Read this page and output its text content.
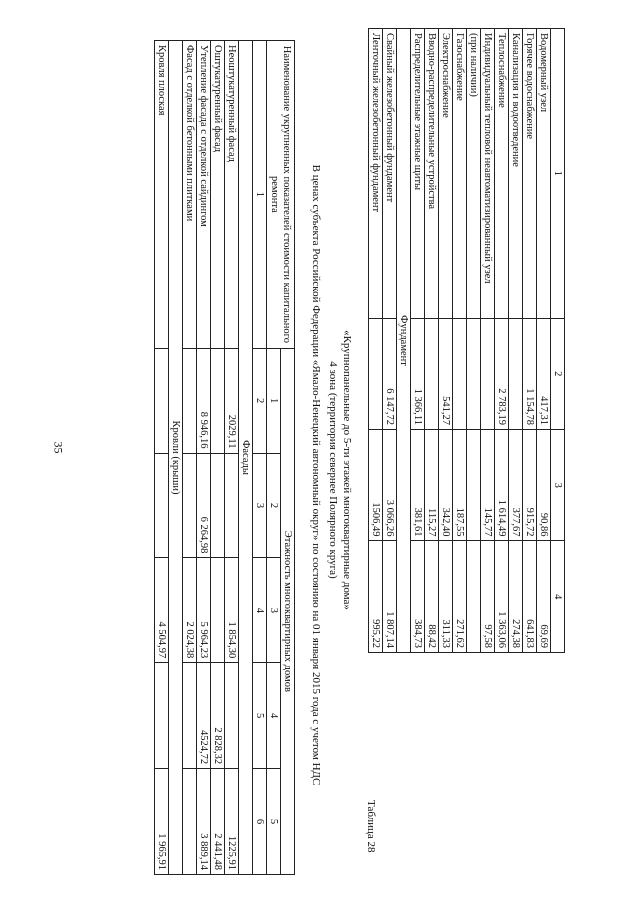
35
1	2	3	4
Водомерный узел	417,31	90,86	69,69
Горячее водоснабжение	1 154,78	915,72	641,83
Канализация и водоотведение		377,67	274,38
Теплоснабжение	2 783,19	1 614,49	1 363,06
Индивидуальный тепловой неавтоматизированный узел		145,77	97,58
(при наличии)			
Газоснабжение		187,55	271,62
Электроснабжение	541,27	342,40	311,33
Вводно-распределительные устройства		115,27	88,42
Распределительные этажные щиты	1 366,11	381,61	384,73
Фундамент			
Свайный железобетонный фундамент	6 147,72	3 066,26	1 807,14
Ленточный железобетонный фундамент		1506,49	995,22
Таблица 28
«Крупнопанельные до 5-ти этажей многоквартирные дома»
4 зона (территория севернее Полярного круга)
В ценах субъекта Российской Федерации «Ямало-Ненецкий автономный округ» по состоянию на 01 января 2015 года с учетом НДС
Наименование укрупненных показателей стоимости капитального ремонта	Этажность многоквартирных домов				
	1	2	3	4	5
1	2	3	4	5	6
Фасады					
Неоштукатуренный фасад	2029,11		1 854,30		1225,91
Оштукатуренный фасад				2 828,32	2 441,48
Утепление фасада с отделкой сайдингом	8 946,16	6 264,98	5 964,23	4524,72	3 889,14
Фасад с отделкой бетонными плитками			2 024,38		
Кровли (крыши)					
Кровля плоская			4 504,97		1 965,91
